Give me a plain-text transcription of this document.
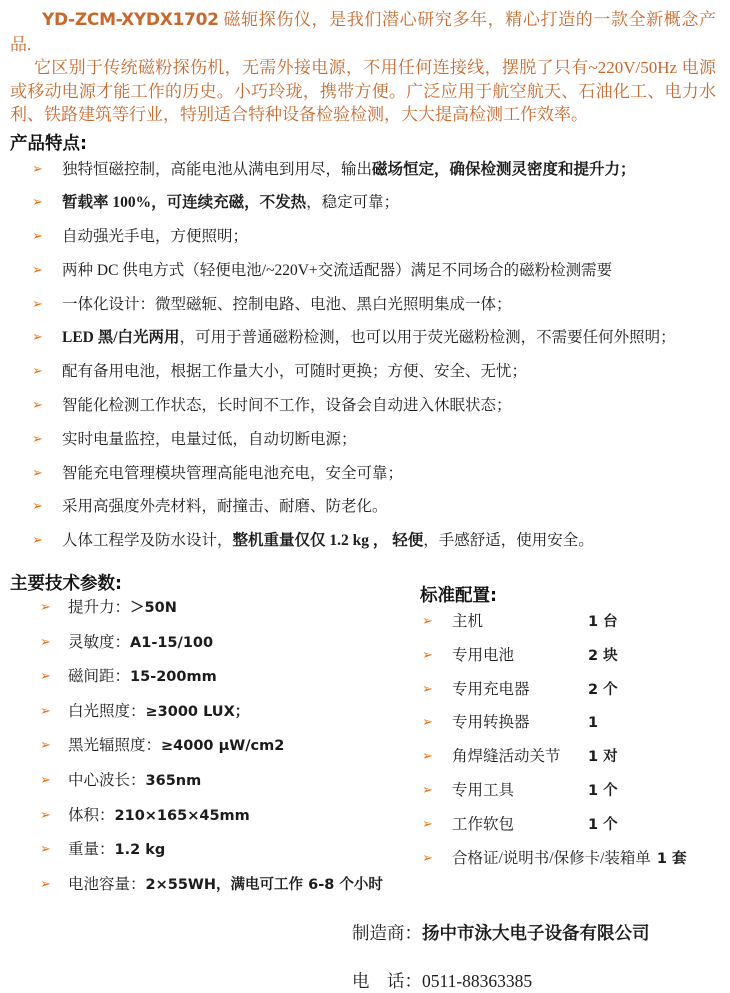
YD-ZCM-XYDX1702 磁轭探伤仪，是我们潜心研究多年，精心打造的一款全新概念产品.

它区别于传统磁粉探伤机，无需外接电源，不用任何连接线，摆脱了只有~220V/50Hz 电源或移动电源才能工作的历史。小巧玲珑，携带方便。广泛应用于航空航天、石油化工、电力水利、铁路建筑等行业，特别适合特种设备检验检测，大大提高检测工作效率。

产品特点:
➢	独特恒磁控制，高能电池从满电到用尽，输出磁场恒定，确保检测灵密度和提升力；
➢	暂载率 100%，可连续充磁，不发热，稳定可靠；
➢	自动强光手电，方便照明；
➢	两种 DC 供电方式（轻便电池/~220V+交流适配器）满足不同场合的磁粉检测需要
➢	一体化设计：微型磁轭、控制电路、电池、黑白光照明集成一体；
➢	LED 黑/白光两用，可用于普通磁粉检测，也可以用于荧光磁粉检测，不需要任何外照明；
➢	配有备用电池，根据工作量大小，可随时更换；方便、安全、无忧；
➢	智能化检测工作状态，长时间不工作，设备会自动进入休眠状态；
➢	实时电量监控，电量过低，自动切断电源；
➢	智能充电管理模块管理高能电池充电，安全可靠；
➢	采用高强度外壳材料，耐撞击、耐磨、防老化。
➢	人体工程学及防水设计，整机重量仅仅 1.2 kg ， 轻便，手感舒适，使用安全。
主要技术参数:
➢	提升力： ＞50N
➢	灵敏度： A1-15/100
➢	磁间距： 15-200mm
➢	白光照度： ≥3000 LUX；
➢	黑光辐照度： ≥4000 μW/cm2
➢	中心波长： 365nm
➢	体积： 210×165×45mm
➢	重量： 1.2 kg
➢	电池容量： 2×55WH，满电可工作 6-8 个小时
标准配置:
➢	主机	1 台
➢	专用电池	2 块
➢	专用充电器	2 个
➢	专用转换器	1
➢	角焊缝活动关节	1 对
➢	专用工具	1 个
➢	工作软包	1 个
➢	合格证/说明书/保修卡/装箱单 1 套

制造商：扬中市泳大电子设备有限公司

电　话：0511-88363385
